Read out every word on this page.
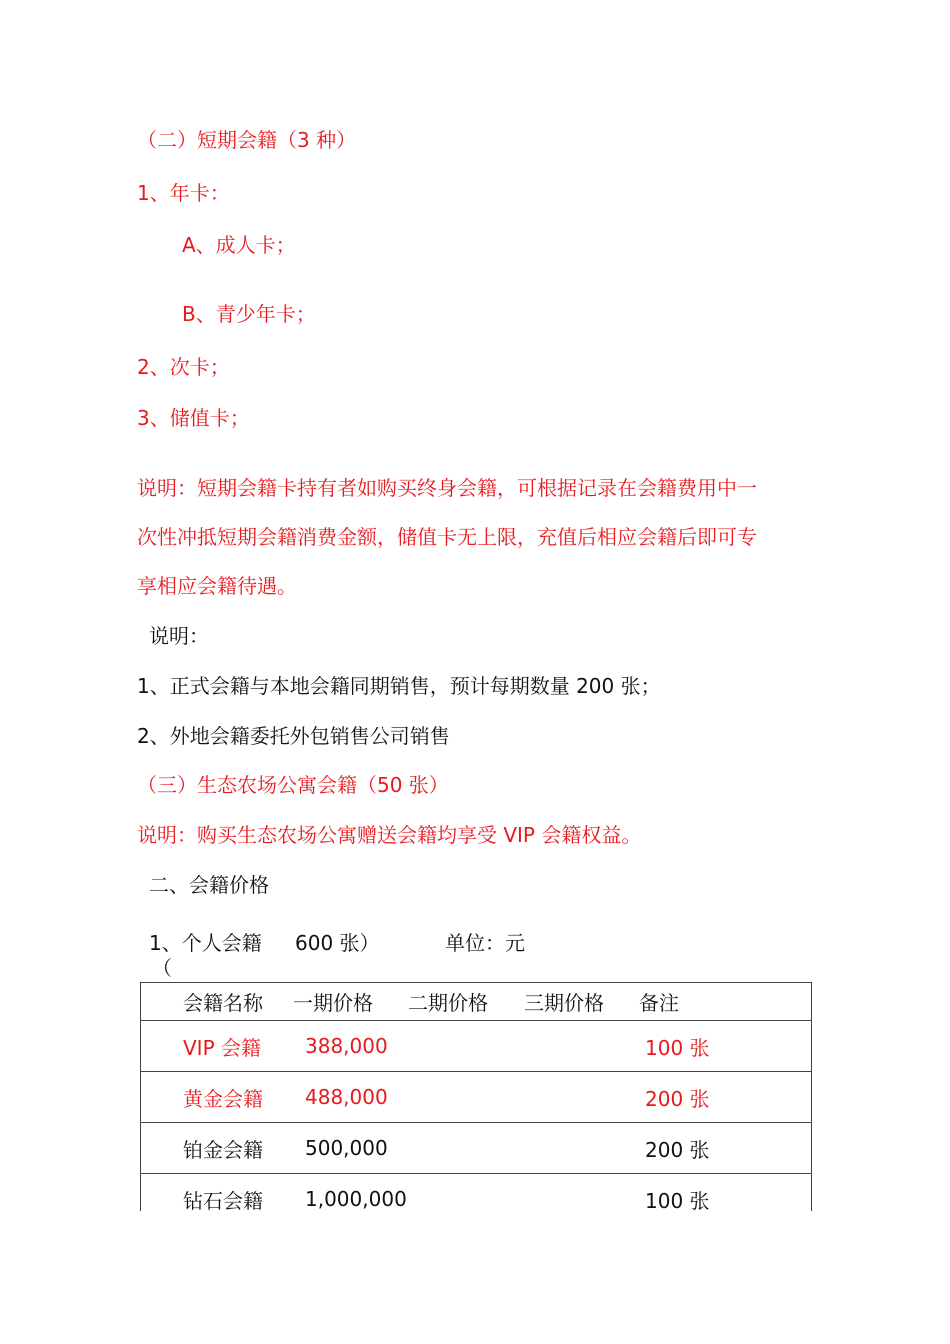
（二）短期会籍（3 种）
1、年卡：
A、成人卡；
B、青少年卡；
2、次卡；
3、储值卡；
说明：短期会籍卡持有者如购买终身会籍，可根据记录在会籍费用中一
次性冲抵短期会籍消费金额，储值卡无上限，充值后相应会籍后即可专
享相应会籍待遇。
说明：
1、正式会籍与本地会籍同期销售，预计每期数量 200 张；
2、外地会籍委托外包销售公司销售
（三）生态农场公寓会籍（50 张）
说明：购买生态农场公寓赠送会籍均享受 VIP 会籍权益。
二、会籍价格
1、个人会籍 600 张）	单位：元
（
	会籍名称	一期价格	二期价格	三期价格	备注
	VIP 会籍	388,000			100 张
	黄金会籍	488,000			200 张
	铂金会籍	500,000			200 张
	钻石会籍	1,000,000			100 张
